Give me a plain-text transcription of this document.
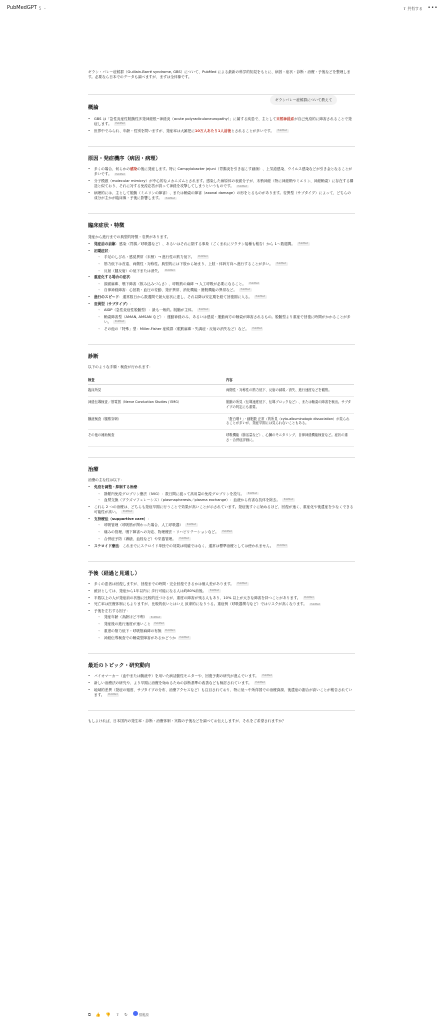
PubMedGPT 5 ⌄	⇧ 共有する •••
ギランバレー症候群について教えて

ギラン・バレー症候群（Guillain-Barré syndrome, GBS）について、PubMed による最新の科学的知見をもとに、病因・症状・診断・治療・予後などを整理します。必要なら日本でのデータも調べますが、まずは全体像です。

概論
• GBS は「急性炎症性脱髄性多発神経根−神経炎（acute polyradiculoneuropathy）」に属する疾患で、主として末梢神経系が自己免疫的に障害されることで発症します。 PubMed
• 世界中でみられ、年齢・性別を問いますが、発症率は大雑把に10万人あたり1人前後とされることが多いです。 PubMed
原因・発症機序（病因・病理）
• 多くの場合、何らかの感染の後に発症します。特に Campylobacter jejuni（胃腸炎を引き起こす細菌）、上気道感染、ウイルス感染などが引き金となることが多いです。 PubMed
• 分子模倣（molecular mimicry）が中心的なメカニズムとされます。感染した病原体の表面分子が、末梢神経（特に神経鞘やミエリン、神経軸索）に存在する構造と似ており、それに対する免疫応答が誤って神経を攻撃してしまうというものです。 PubMed
• 病理的には、主として脱髄（ミエリンの障害）、または軸索の障害（axonal damage）の形をとるものがあります。変異型（サブタイプ）によって、どちらの成分が主かが臨床像・予後に影響します。 PubMed
臨床症状・特徴

発症から進行までの典型的特徴・変異があります。

• 発症前の前駆：感染（胃腸／呼吸器など）、あるいはそれに類する事象（ごくまれにワクチン接種も報告）から 1〜数週間。 PubMed
• 初期症状：
◦ 手足のしびれ・感覚異常（末梢）→ 進行性の筋力低下。 PubMed
◦ 筋力低下は首遠、両側性・対称性。典型的には下肢から始まり、上肢・体幹方向へ進行することが多い。 PubMed
◦ 反射（腱反射）の低下または消失。 PubMed
• 重症化する場合の症状：
◦ 顔面麻痺、嚥下障害（飲み込みづらさ）、呼吸筋の麻痺 → 人工呼吸が必要になること。 PubMed
◦ 自律神経障害：心拍数・血圧の変動、発汗異常、消化機能・膀胱機能の異常など。 PubMed
• 進行のスピード：通常数日から数週間で最大症状に達し、それ以降は安定期を経て回復期に入る。 PubMed
• 変異型（サブタイプ）：
◦ AIDP（急性炎症性脱髄型）：最も一般的。脱髄が主体。 PubMed
◦ 軸索障害型（AMAN, AMSAN など）：運動神経のみ、あるいは感覚・運動両方の軸索が障害されるもの。脱髄型より重症で回復に時間がかかることが多い。 PubMed
◦ その他の「特殊」型：Miller-Fisher 症候群（眼筋麻痺・失調症・反射の消失など）など。 PubMed
診断

以下のような手順・検査が行われます：

検査	内容
臨床所見	両側性・対称性の筋力低下、反射の減弱／消失、進行速度などを観察。
神経伝導検査／筋電図（Nerve Conduction Studies / EMG）	脱髄の所見（伝導速度低下、伝導ブロックなど）、または軸索の障害を検出。サブタイプの判定にも重要。
髄液検査（腰椎穿刺）	「蛋白増↑」・細胞数 正常（的所見（cyto-albuminologic dissociation）が見られることが多いが、発症早期には見られないこともある。
その他の補助検査	呼吸機能（肺活量など）、心臓のモニタリング、自律神経機能検査など。症状の重さ・合併症評価に。
治療

治療の主な柱は以下：

• 免疫を調整・抑制する治療：
◦ 静脈内免疫グロブリン療法（IVIG）：数日間に渡って高用量の免疫グロブリンを投与。 PubMed
◦ 血漿交換（プラズマフェレーシス）（plasmapheresis／plasma exchange）：血液から有害な抗体を除去。 PubMed
• これら 2 つの治療は、どちらも発症早期に行うことで効果が高いことが示されています。発症後すぐに始めるほど、回復が速く、重症化や後遺症を少なくできる可能性が高い。 PubMed
• 支持療法（supportive care）：
◦ 呼吸管理（呼吸筋が関わった場合、人工呼吸器） PubMed
◦ 痛みの管理、嚥下障害への対応、物理療法・リハビリテーションなど。 PubMed
◦ 合併症予防（褥瘡、血栓など）や栄養管理。 PubMed
• ステロイド療法：これまでにステロイド単独での効果は明確ではなく、通常は標準治療としては使われません。 PubMed
予後（経過と見通し）
• 多くの患者は回復しますが、回復までの時間・完全回復できるかは個人差があります。 PubMed
• 統計としては、発症から1年以内に 歩行可能になる人は約80%前後。 PubMed
• 半数以上の人が発症前の状態に比較的近づけるが、重度の障害が残る人もあり、10% 以上が大きな障害を持つことがあります。 PubMed
• 死亡率は医療体制にもよりますが、比較的低いとはいえ 致命的になりうる。重症例（呼吸器関与など）ではリスクが高くなります。 PubMed
• 予後を左右する因子：
◦ 発症年齢（高齢ほど不利） PubMed
◦ 発症後の進行速度が速いこと PubMed
◦ 重度の筋力低下・呼吸筋麻痺の有無 PubMed
◦ 神経伝導検査での軸索型障害があるかどうか PubMed
最近のトピック・研究動向
• バイオマーカー（血中または髄液中）を用いた病活動性モニターや、回復予測の研究が進んでいます。 PubMed
• 新しい治療法の研究や、より早期に治療を始めるための診断基準の改善なども検討されています。 PubMed
• 地域的差異（発症の頻度、サブタイプの分布、治療アクセスなど）も注目されており、特に低〜中所得国での治療資源、後遺症の割合が高いことが報告されています。 PubMed

もしよければ、日本国内の発生率・診断・治療体制・実際の予後などを調べてお伝えしますが、それをご希望されますか？

⧉ 👍 👎 ⇪ ↻	情報源
